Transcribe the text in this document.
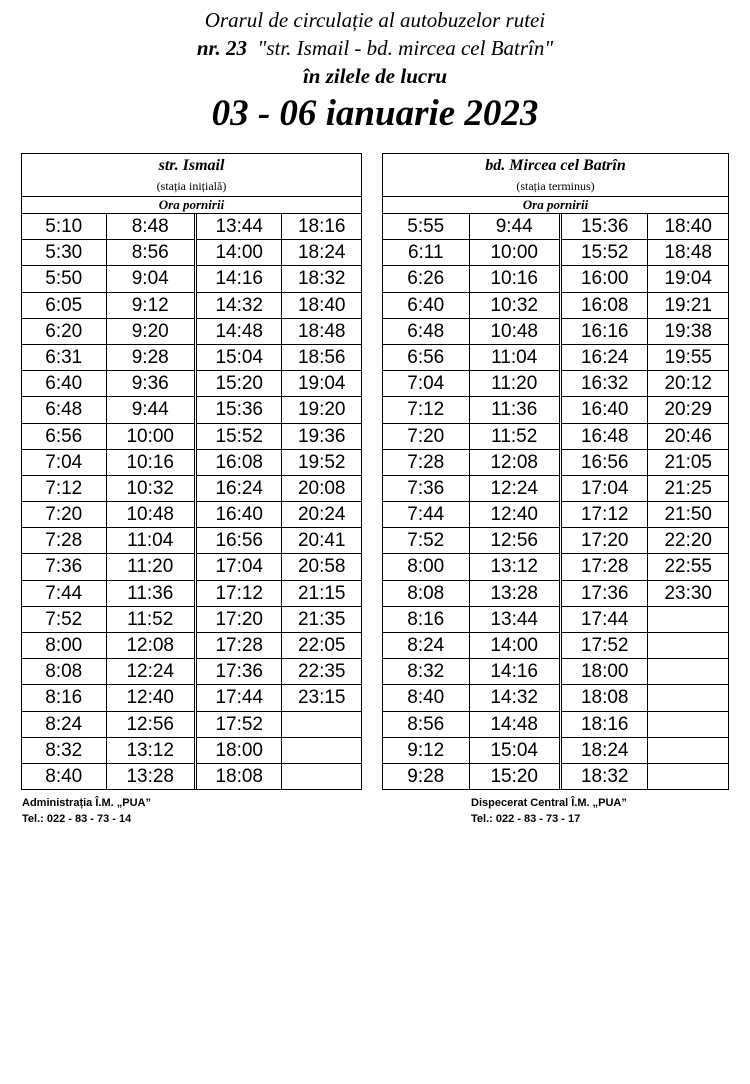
Orarul de circulație al autobuzelor rutei
nr. 23 "str. Ismail - bd. mircea cel Batrîn"
în zilele de lucru
03 - 06 ianuarie 2023
str. Ismail
(stația inițială)
Ora pornirii
5:10
5:30
5:50
6:05
6:20
6:31
6:40
6:48
6:56
7:04
7:12
7:20
7:28
7:36
7:44
7:52
8:00
8:08
8:16
8:24
8:32
8:40
8:48
8:56
9:04
9:12
9:20
9:28
9:36
9:44
10:00
10:16
10:32
10:48
11:04
11:20
11:36
11:52
12:08
12:24
12:40
12:56
13:12
13:28
13:44
14:00
14:16
14:32
14:48
15:04
15:20
15:36
15:52
16:08
16:24
16:40
16:56
17:04
17:12
17:20
17:28
17:36
17:44
17:52
18:00
18:08
18:16
18:24
18:32
18:40
18:48
18:56
19:04
19:20
19:36
19:52
20:08
20:24
20:41
20:58
21:15
21:35
22:05
22:35
23:15
bd. Mircea cel Batrîn
(stația terminus)
Ora pornirii
5:55
6:11
6:26
6:40
6:48
6:56
7:04
7:12
7:20
7:28
7:36
7:44
7:52
8:00
8:08
8:16
8:24
8:32
8:40
8:56
9:12
9:28
9:44
10:00
10:16
10:32
10:48
11:04
11:20
11:36
11:52
12:08
12:24
12:40
12:56
13:12
13:28
13:44
14:00
14:16
14:32
14:48
15:04
15:20
15:36
15:52
16:00
16:08
16:16
16:24
16:32
16:40
16:48
16:56
17:04
17:12
17:20
17:28
17:36
17:44
17:52
18:00
18:08
18:16
18:24
18:32
18:40
18:48
19:04
19:21
19:38
19:55
20:12
20:29
20:46
21:05
21:25
21:50
22:20
22:55
23:30
Administrația Î.M. „PUA”
Tel.: 022 - 83 - 73 - 14
Dispecerat Central Î.M. „PUA”
Tel.: 022 - 83 - 73 - 17
